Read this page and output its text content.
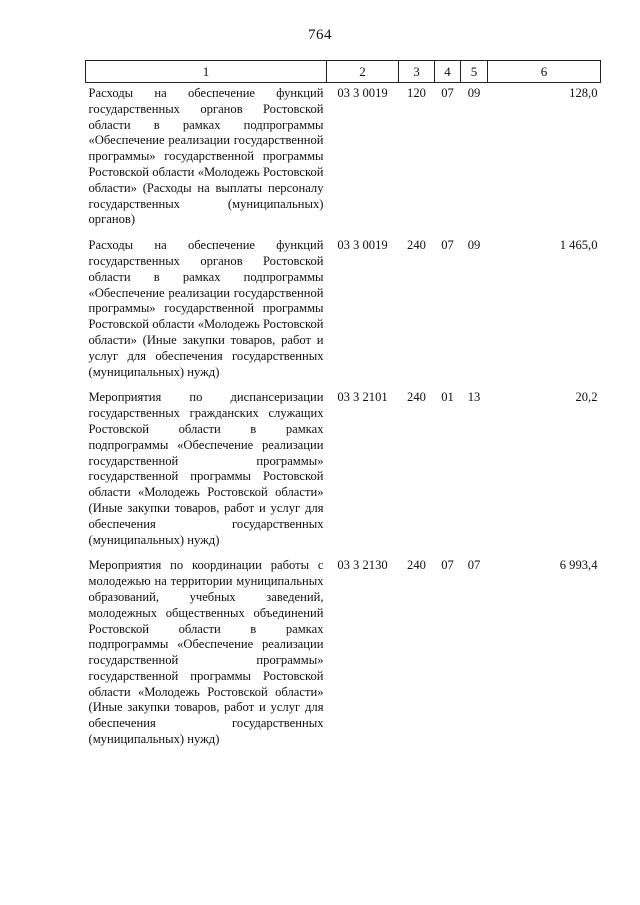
764
1	2	3	4	5	6
Расходы на обеспечение функций государственных органов Ростовской области в рамках подпрограммы «Обеспечение реализации государственной программы» государственной программы Ростовской области «Молодежь Ростовской области» (Расходы на выплаты персоналу государственных (муниципальных) органов)	03 3 0019	120	07	09	128,0
Расходы на обеспечение функций государственных органов Ростовской области в рамках подпрограммы «Обеспечение реализации государственной программы» государственной программы Ростовской области «Молодежь Ростовской области» (Иные закупки товаров, работ и услуг для обеспечения государственных (муниципальных) нужд)	03 3 0019	240	07	09	1 465,0
Мероприятия по диспансеризации государственных гражданских служащих Ростовской области в рамках подпрограммы «Обеспечение реализации государственной программы» государственной программы Ростовской области «Молодежь Ростовской области» (Иные закупки товаров, работ и услуг для обеспечения государственных (муниципальных) нужд)	03 3 2101	240	01	13	20,2
Мероприятия по координации работы с молодежью на территории муниципальных образований, учебных заведений, молодежных общественных объединений Ростовской области в рамках подпрограммы «Обеспечение реализации государственной программы» государственной программы Ростовской области «Молодежь Ростовской области» (Иные закупки товаров, работ и услуг для обеспечения государственных (муниципальных) нужд)	03 3 2130	240	07	07	6 993,4
